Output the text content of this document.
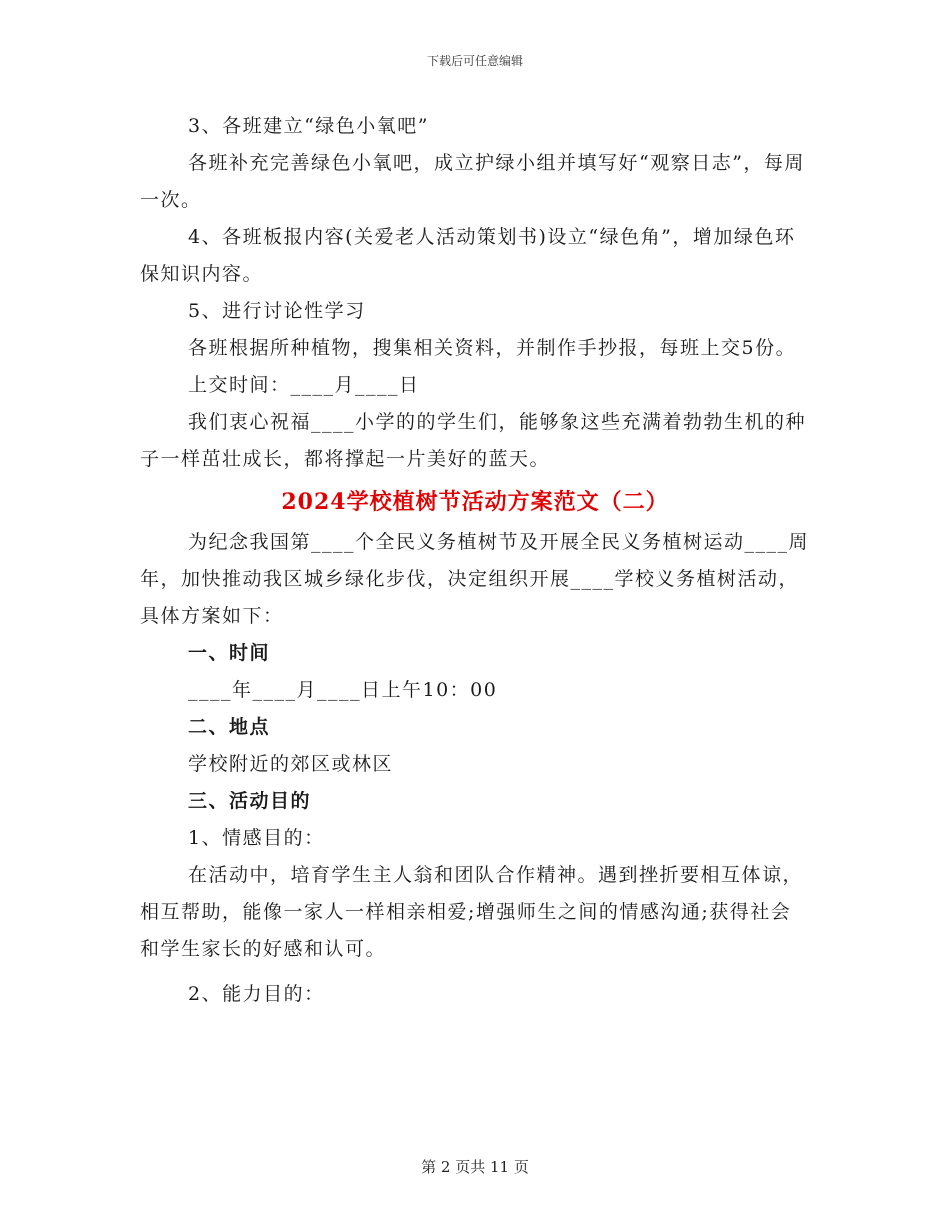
下载后可任意编辑

3、各班建立“绿色小氧吧”

各班补充完善绿色小氧吧，成立护绿小组并填写好“观察日志”，每周一次。

4、各班板报内容(关爱老人活动策划书)设立“绿色角”，增加绿色环保知识内容。

5、进行讨论性学习

各班根据所种植物，搜集相关资料，并制作手抄报，每班上交5份。

上交时间：____月____日

我们衷心祝福____小学的的学生们，能够象这些充满着勃勃生机的种子一样茁壮成长，都将撑起一片美好的蓝天。

2024学校植树节活动方案范文（二）

为纪念我国第____个全民义务植树节及开展全民义务植树运动____周年，加快推动我区城乡绿化步伐，决定组织开展____学校义务植树活动，具体方案如下：

一、时间

____年____月____日上午10：00

二、地点

学校附近的郊区或林区

三、活动目的

1、情感目的：

在活动中，培育学生主人翁和团队合作精神。遇到挫折要相互体谅，相互帮助，能像一家人一样相亲相爱;增强师生之间的情感沟通;获得社会和学生家长的好感和认可。

2、能力目的：

第 2 页共 11 页
